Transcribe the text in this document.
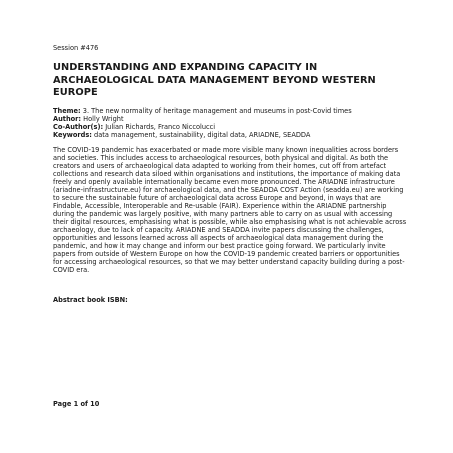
Session #476
UNDERSTANDING AND EXPANDING CAPACITY IN ARCHAEOLOGICAL DATA MANAGEMENT BEYOND WESTERN EUROPE
Theme: 3. The new normality of heritage management and museums in post-Covid times
Author: Holly Wright
Co-Author(s): Julian Richards, Franco Niccolucci
Keywords: data management, sustainability, digital data, ARIADNE, SEADDA

The COVID-19 pandemic has exacerbated or made more visible many known inequalities across borders and societies. This includes access to archaeological resources, both physical and digital. As both the creators and users of archaeological data adapted to working from their homes, cut off from artefact collections and research data siloed within organisations and institutions, the importance of making data freely and openly available internationally became even more pronounced. The ARIADNE infrastructure (ariadne-infrastructure.eu) for archaeological data, and the SEADDA COST Action (seadda.eu) are working to secure the sustainable future of archaeological data across Europe and beyond, in ways that are Findable, Accessible, Interoperable and Re-usable (FAIR). Experience within the ARIADNE partnership during the pandemic was largely positive, with many partners able to carry on as usual with accessing their digital resources, emphasising what is possible, while also emphasising what is not achievable across archaeology, due to lack of capacity. ARIADNE and SEADDA invite papers discussing the challenges, opportunities and lessons learned across all aspects of archaeological data management during the pandemic, and how it may change and inform our best practice going forward. We particularly invite papers from outside of Western Europe on how the COVID-19 pandemic created barriers or opportunities for accessing archaeological resources, so that we may better understand capacity building during a post-COVID era.

Abstract book ISBN:
Page 1 of 10
